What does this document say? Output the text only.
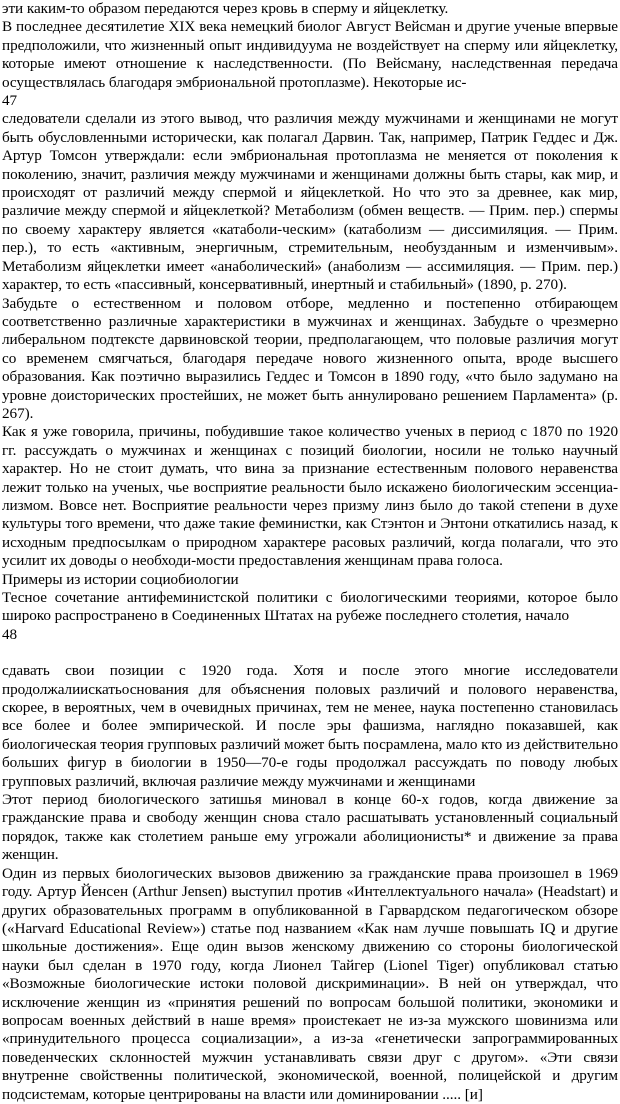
эти каким-то образом передаются через кровь в сперму и яйцеклетку.

В последнее десятилетие XIX века немецкий биолог Август Вейсман и другие ученые впервые предположили, что жизненный опыт индивидуума не воздействует на сперму или яйцеклетку, которые имеют отношение к наследственности. (По Вейсману, наследственная передача осуществлялась благодаря эмбриональной протоплазме). Некоторые ис-

47

следователи сделали из этого вывод, что различия между мужчинами и женщинами не могут быть обусловленными исторически, как полагал Дарвин. Так, например, Патрик Геддес и Дж. Артур Томсон утверждали: если эмбриональная протоплазма не меняется от поколения к поколению, значит, различия между мужчинами и женщинами должны быть стары, как мир, и происходят от различий между спермой и яйцеклеткой. Но что это за древнее, как мир, различие между спермой и яйцеклеткой? Метаболизм (обмен веществ. — Прим. пер.) спермы по своему характеру является «катаболи-ческим» (катаболизм — диссимиляция. — Прим. пер.), то есть «активным, энергичным, стремительным, необузданным и изменчивым». Метаболизм яйцеклетки имеет «анаболический» (анаболизм — ассимиляция. — Прим. пер.) характер, то есть «пассивный, консервативный, инертный и стабильный» (1890, p. 270).

Забудьте о естественном и половом отборе, медленно и постепенно отбирающем соответственно различные характеристики в мужчинах и женщинах. Забудьте о чрезмерно либеральном подтексте дарвиновской теории, предполагающем, что половые различия могут со временем смягчаться, благодаря передаче нового жизненного опыта, вроде высшего образования. Как поэтично выразились Геддес и Томсон в 1890 году, «что было задумано на уровне доисторических простейших, не может быть аннулировано решением Парламента» (p. 267).

Как я уже говорила, причины, побудившие такое количество ученых в период с 1870 по 1920 гг. рассуждать о мужчинах и женщинах с позиций биологии, носили не только научный характер. Но не стоит думать, что вина за признание естественным полового неравенства лежит только на ученых, чье восприятие реальности было искажено биологическим эссенциа-лизмом. Вовсе нет. Восприятие реальности через призму линз было до такой степени в духе культуры того времени, что даже такие феминистки, как Стэнтон и Энтони откатились назад, к исходным предпосылкам о природном характере расовых различий, когда полагали, что это усилит их доводы о необходи-мости предоставления женщинам права голоса.

Примеры из истории социобиологии

Тесное сочетание антифеминистской политики с биологическими теориями, которое было широко распространено в Соединенных Штатах на рубеже последнего столетия, начало

48

сдавать свои позиции с 1920 года. Хотя и после этого многие исследователи продолжалиискатьоснования для объяснения половых различий и полового неравенства, скорее, в вероятных, чем в очевидных причинах, тем не менее, наука постепенно становилась все более и более эмпирической. И после эры фашизма, наглядно показавшей, как биологическая теория групповых различий может быть посрамлена, мало кто из действительно больших фигур в биологии в 1950—70-е годы продолжал рассуждать по поводу любых групповых различий, включая различие между мужчинами и женщинами

Этот период биологического затишья миновал в конце 60-х годов, когда движение за гражданские права и свободу женщин снова стало расшатывать установленный социальный порядок, также как столетием раньше ему угрожали аболиционисты* и движение за права женщин.

Один из первых биологических вызовов движению за гражданские права произошел в 1969 году. Артур Йенсен (Arthur Jensen) выступил против «Интеллектуального начала» (Headstart) и других образовательных программ в опубликованной в Гарвардском педагогическом обзоре («Harvard Educational Review») статье под названием «Как нам лучше повышать IQ и другие школьные достижения». Еще один вызов женскому движению со стороны биологической науки был сделан в 1970 году, когда Лионел Тайгер (Lionel Tiger) опубликовал статью «Возможные биологические истоки половой дискриминации». В ней он утверждал, что исключение женщин из «принятия решений по вопросам большой политики, экономики и вопросам военных действий в наше время» проистекает не из-за мужского шовинизма или «принудительного процесса социализации», а из-за «генетически запрограммированных поведенческих склонностей мужчин устанавливать связи друг с другом». «Эти связи внутренне свойственны политической, экономической, военной, полицейской и другим подсистемам, которые центрированы на власти или доминировании ..... [и]
